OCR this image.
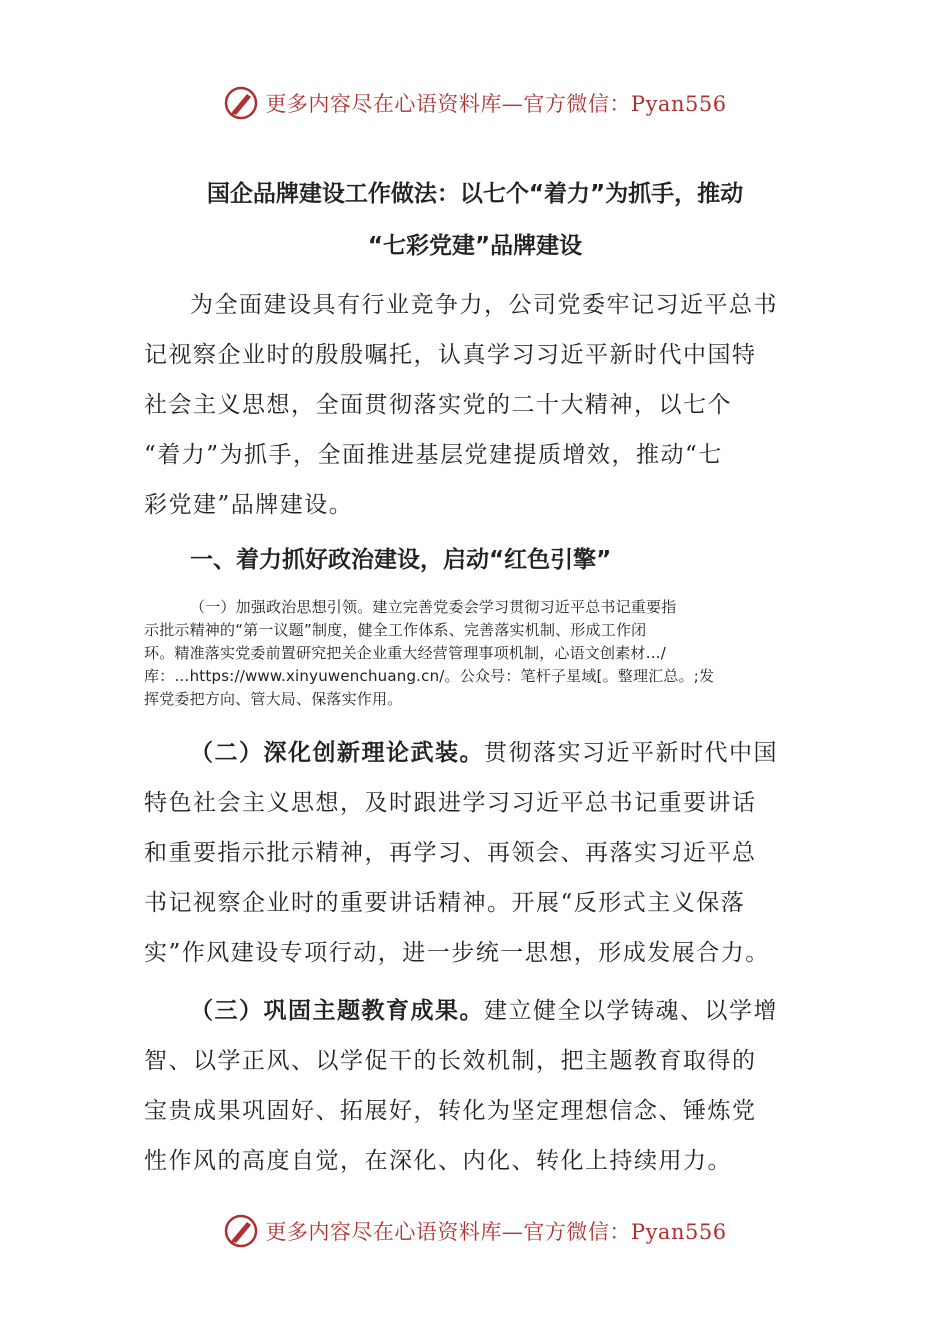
更多内容尽在心语资料库—官方微信：Pyan556
国企品牌建设工作做法：以七个“着力”为抓手，推动
“七彩党建”品牌建设
为全面建设具有行业竞争力，公司党委牢记习近平总书
记视察企业时的殷殷嘱托，认真学习习近平新时代中国特
社会主义思想，全面贯彻落实党的二十大精神，以七个
“着力”为抓手，全面推进基层党建提质增效，推动“七
彩党建”品牌建设。
一、着力抓好政治建设，启动“红色引擎”
（一）加强政治思想引领。建立完善党委会学习贯彻习近平总书记重要指
示批示精神的“第一议题”制度，健全工作体系、完善落实机制、形成工作闭
环。精准落实党委前置研究把关企业重大经营管理事项机制，心语文创素材…/
库：…https://www.xinyuwenchuang.cn/。公众号：笔杆子星域[。整理汇总。;发
挥党委把方向、管大局、保落实作用。
（二）深化创新理论武装。贯彻落实习近平新时代中国
特色社会主义思想，及时跟进学习习近平总书记重要讲话
和重要指示批示精神，再学习、再领会、再落实习近平总
书记视察企业时的重要讲话精神。开展“反形式主义保落
实”作风建设专项行动，进一步统一思想，形成发展合力。
（三）巩固主题教育成果。建立健全以学铸魂、以学增
智、以学正风、以学促干的长效机制，把主题教育取得的
宝贵成果巩固好、拓展好，转化为坚定理想信念、锤炼党
性作风的高度自觉，在深化、内化、转化上持续用力。
更多内容尽在心语资料库—官方微信：Pyan556
